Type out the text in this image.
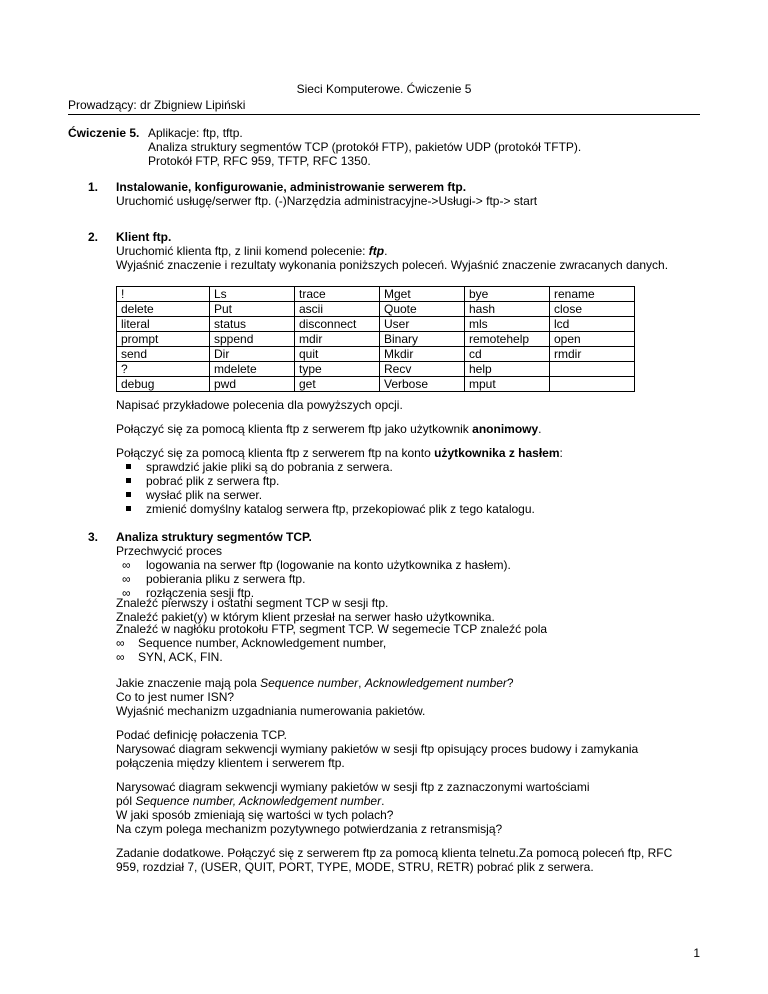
Sieci Komputerowe. Ćwiczenie 5
Prowadzący: dr Zbigniew Lipiński
Ćwiczenie 5. Aplikacje: ftp, tftp.

Analiza struktury segmentów TCP (protokół FTP), pakietów UDP (protokół TFTP).

Protokół FTP, RFC 959, TFTP, RFC 1350.

1. Instalowanie, konfigurowanie, administrowanie serwerem ftp.

Uruchomić usługę/serwer ftp. (-)Narzędzia administracyjne->Usługi-> ftp-> start

2. Klient ftp.

Uruchomić klienta ftp, z linii komend polecenie: ftp.

Wyjaśnić znaczenie i rezultaty wykonania poniższych poleceń. Wyjaśnić znaczenie zwracanych danych.

!	Ls	trace	Mget	bye	rename
delete	Put	ascii	Quote	hash	close
literal	status	disconnect	User	mls	lcd
prompt	sppend	mdir	Binary	remotehelp	open
send	Dir	quit	Mkdir	cd	rmdir
?	mdelete	type	Recv	help	
debug	pwd	get	Verbose	mput	

Napisać przykładowe polecenia dla powyższych opcji.

Połączyć się za pomocą klienta ftp z serwerem ftp jako użytkownik anonimowy.

Połączyć się za pomocą klienta ftp z serwerem ftp na konto użytkownika z hasłem:

sprawdzić jakie pliki są do pobrania z serwera.

pobrać plik z serwera ftp.

wysłać plik na serwer.

zmienić domyślny katalog serwera ftp, przekopiować plik z tego katalogu.

3. Analiza struktury segmentów TCP.

Przechwycić proces

∞ logowania na serwer ftp (logowanie na konto użytkownika z hasłem).

∞ pobierania pliku z serwera ftp.

∞ rozłączenia sesji ftp.

Znaleźć pierwszy i ostatni segment TCP w sesji ftp.

Znaleźć pakiet(y) w którym klient przesłał na serwer hasło użytkownika.

Znaleźć w nagłóku protokołu FTP, segment TCP. W segemecie TCP znaleźć pola

∞ Sequence number, Acknowledgement number,

∞ SYN, ACK, FIN.

Jakie znaczenie mają pola Sequence number, Acknowledgement number?

Co to jest numer ISN?

Wyjaśnić mechanizm uzgadniania numerowania pakietów.

Podać definicję połaczenia TCP.

Narysować diagram sekwencji wymiany pakietów w sesji ftp opisujący proces budowy i zamykania

połączenia między klientem i serwerem ftp.

Narysować diagram sekwencji wymiany pakietów w sesji ftp z zaznaczonymi wartościami

pól Sequence number, Acknowledgement number.

W jaki sposób zmieniają się wartości w tych polach?

Na czym polega mechanizm pozytywnego potwierdzania z retransmisją?

Zadanie dodatkowe. Połączyć się z serwerem ftp za pomocą klienta telnetu.Za pomocą poleceń ftp, RFC

959, rozdział 7, (USER, QUIT, PORT, TYPE, MODE, STRU, RETR) pobrać plik z serwera.

1
